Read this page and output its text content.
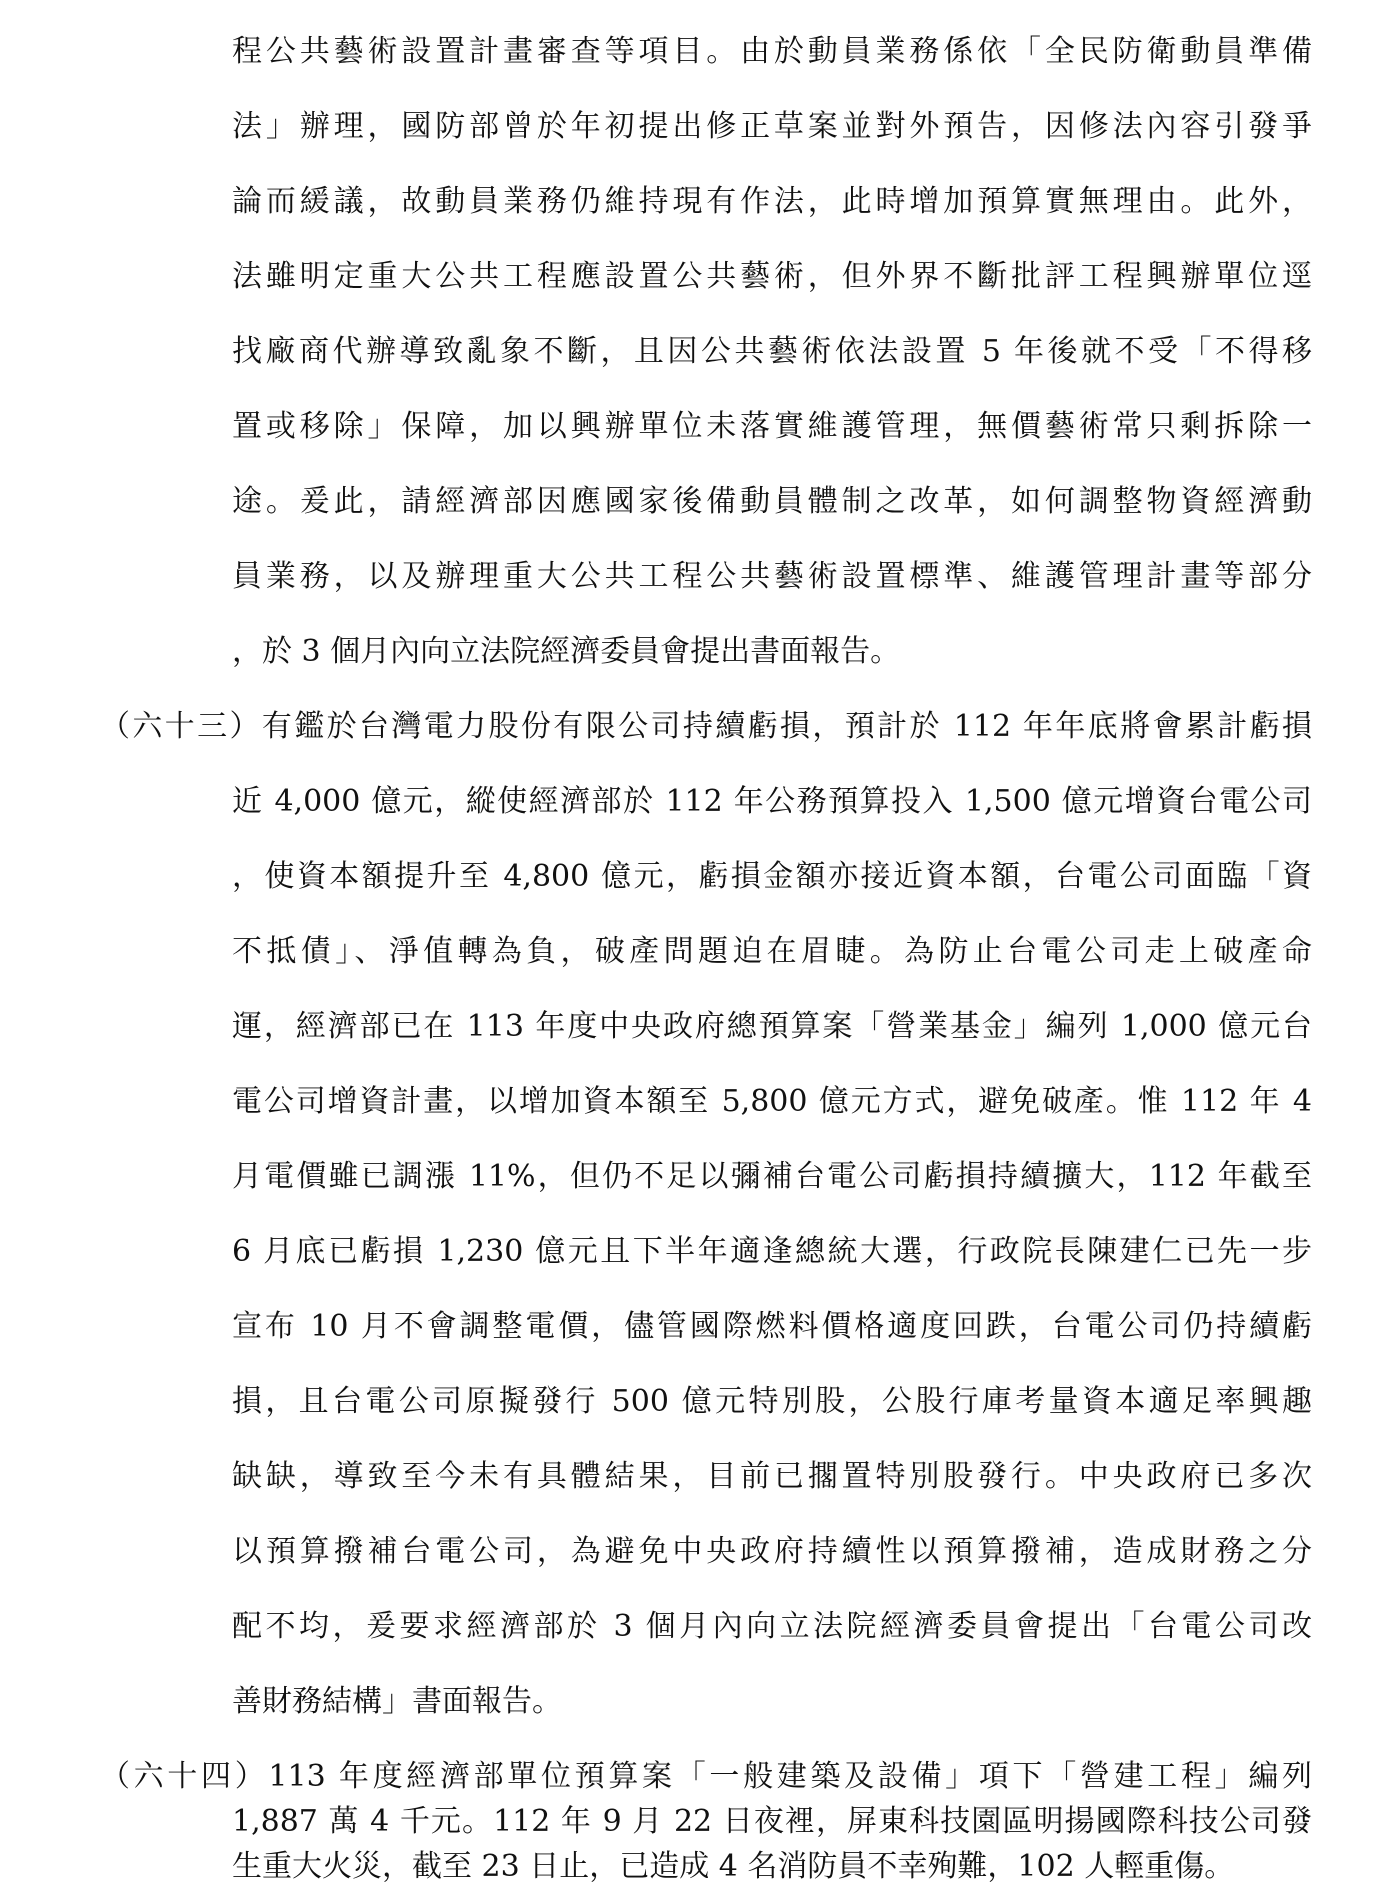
程公共藝術設置計畫審查等項目。由於動員業務係依「全民防衛動員準備
法」辦理，國防部曾於年初提出修正草案並對外預告，因修法內容引發爭
論而緩議，故動員業務仍維持現有作法，此時增加預算實無理由。此外，
法雖明定重大公共工程應設置公共藝術，但外界不斷批評工程興辦單位逕
找廠商代辦導致亂象不斷，且因公共藝術依法設置 5 年後就不受「不得移
置或移除」保障，加以興辦單位未落實維護管理，無價藝術常只剩拆除一
途。爰此，請經濟部因應國家後備動員體制之改革，如何調整物資經濟動
員業務，以及辦理重大公共工程公共藝術設置標準、維護管理計畫等部分
，於 3 個月內向立法院經濟委員會提出書面報告。
（六十三）有鑑於台灣電力股份有限公司持續虧損，預計於 112 年年底將會累計虧損
近 4,000 億元，縱使經濟部於 112 年公務預算投入 1,500 億元增資台電公司
，使資本額提升至 4,800 億元，虧損金額亦接近資本額，台電公司面臨「資
不抵債」、淨值轉為負，破產問題迫在眉睫。為防止台電公司走上破產命
運，經濟部已在 113 年度中央政府總預算案「營業基金」編列 1,000 億元台
電公司增資計畫，以增加資本額至 5,800 億元方式，避免破產。惟 112 年 4
月電價雖已調漲 11%，但仍不足以彌補台電公司虧損持續擴大，112 年截至
6 月底已虧損 1,230 億元且下半年適逢總統大選，行政院長陳建仁已先一步
宣布 10 月不會調整電價，儘管國際燃料價格適度回跌，台電公司仍持續虧
損，且台電公司原擬發行 500 億元特別股，公股行庫考量資本適足率興趣
缺缺，導致至今未有具體結果，目前已擱置特別股發行。中央政府已多次
以預算撥補台電公司，為避免中央政府持續性以預算撥補，造成財務之分
配不均，爰要求經濟部於 3 個月內向立法院經濟委員會提出「台電公司改
善財務結構」書面報告。
（六十四）113 年度經濟部單位預算案「一般建築及設備」項下「營建工程」編列
1,887 萬 4 千元。112 年 9 月 22 日夜裡，屏東科技園區明揚國際科技公司發
生重大火災，截至 23 日止，已造成 4 名消防員不幸殉難，102 人輕重傷。
